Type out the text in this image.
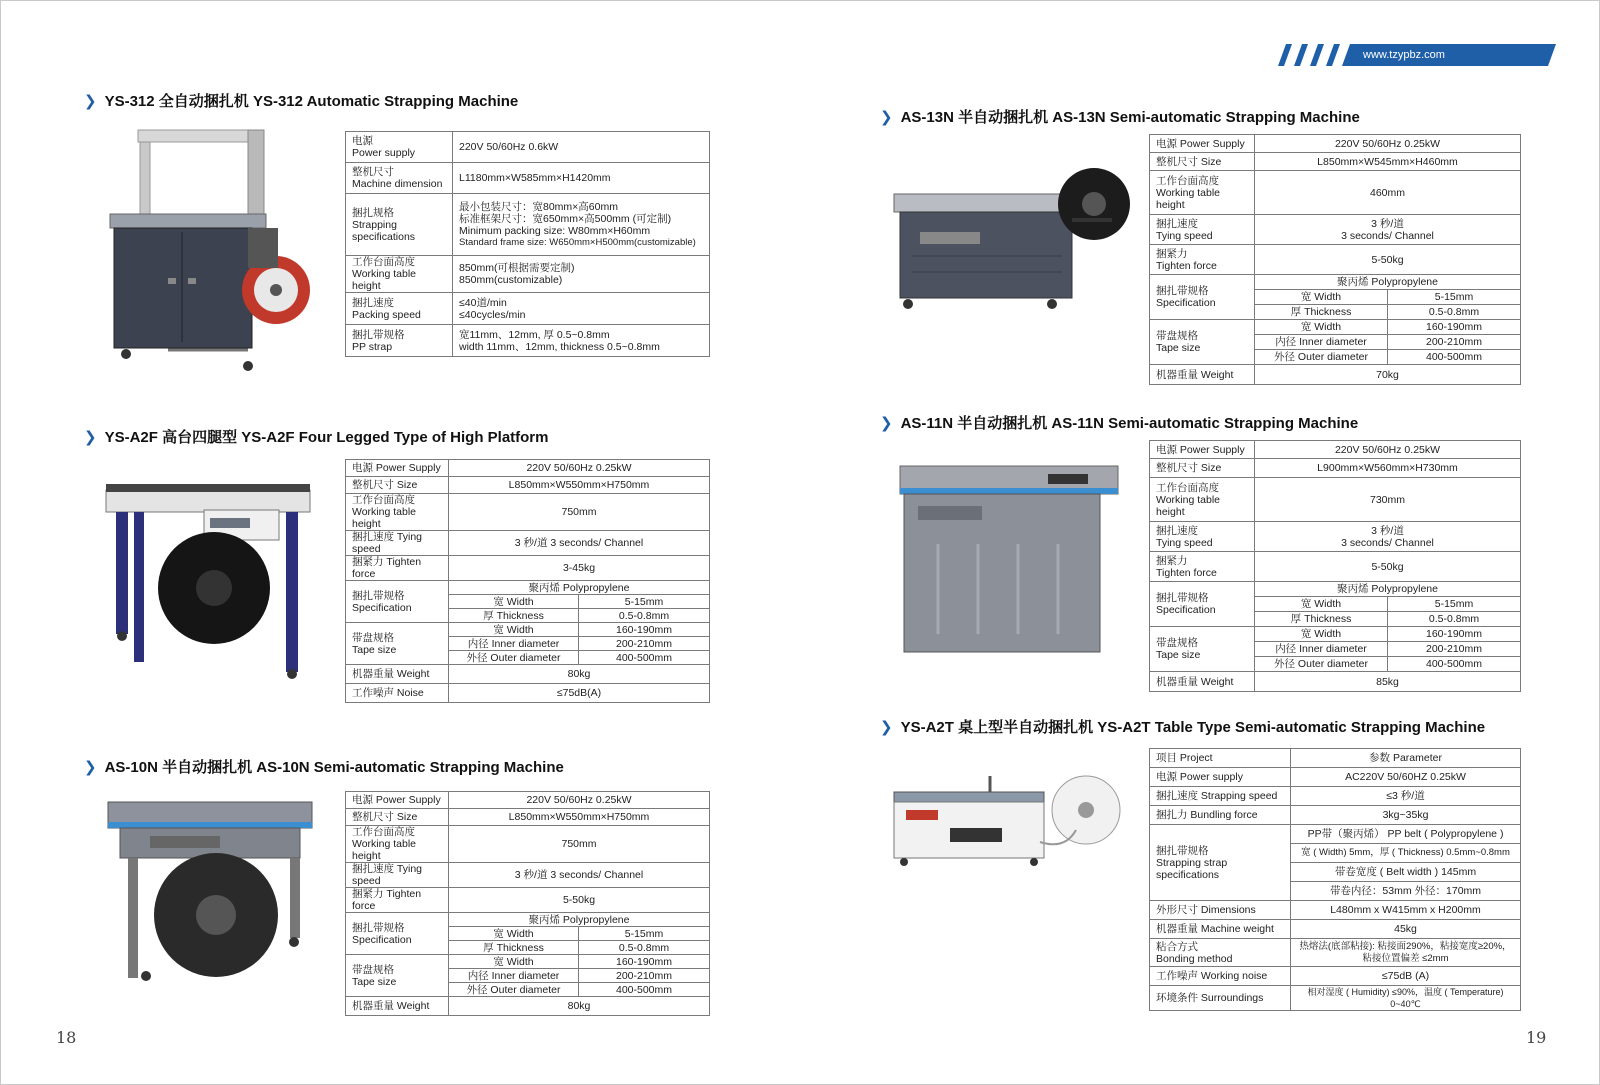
www.tzypbz.com
❯ YS-312 全自动捆扎机 YS-312 Automatic Strapping Machine
电源
Power supply	220V 50/60Hz 0.6kW

整机尺寸
Machine dimension	L1180mm×W585mm×H1420mm

捆扎规格
Strapping
specifications	最小包装尺寸：宽80mm×高60mm
标准框架尺寸：宽650mm×高500mm (可定制)
Minimum packing size: W80mm×H60mm
Standard frame size: W650mm×H500mm(customizable)

工作台面高度
Working table height	850mm(可根据需要定制)
850mm(customizable)

捆扎速度
Packing speed	≤40道/min
≤40cycles/min

捆扎带规格
PP strap	宽11mm、12mm, 厚 0.5~0.8mm
width 11mm、12mm, thickness 0.5~0.8mm
❯ YS-A2F 高台四腿型 YS-A2F Four Legged Type of High Platform
电源 Power Supply	220V 50/60Hz 0.25kW	
整机尺寸 Size	L850mm×W550mm×H750mm	

工作台面高度
Working table height	750mm	
捆扎速度 Tying speed	3 秒/道 3 seconds/ Channel	
捆紧力 Tighten force	3-45kg	

捆扎带规格
Specification	聚丙烯 Polypropylene	
	宽 Width	5-15mm
	厚 Thickness	0.5-0.8mm

带盘规格
Tape size	宽 Width	160-190mm
	内径 Inner diameter	200-210mm
	外径 Outer diameter	400-500mm
机器重量 Weight	80kg	
工作噪声 Noise	≤75dB(A)	
❯ AS-10N 半自动捆扎机 AS-10N Semi-automatic Strapping Machine
电源 Power Supply	220V 50/60Hz 0.25kW	
整机尺寸 Size	L850mm×W550mm×H750mm	

工作台面高度
Working table height	750mm	
捆扎速度 Tying speed	3 秒/道 3 seconds/ Channel	
捆紧力 Tighten force	5-50kg	

捆扎带规格
Specification	聚丙烯 Polypropylene	
	宽 Width	5-15mm
	厚 Thickness	0.5-0.8mm

带盘规格
Tape size	宽 Width	160-190mm
	内径 Inner diameter	200-210mm
	外径 Outer diameter	400-500mm
机器重量 Weight	80kg	
18
❯ AS-13N 半自动捆扎机 AS-13N Semi-automatic Strapping Machine
电源 Power Supply	220V 50/60Hz 0.25kW	
整机尺寸 Size	L850mm×W545mm×H460mm	

工作台面高度
Working table
height	460mm	

捆扎速度
Tying speed	3 秒/道
3 seconds/ Channel	

捆紧力
Tighten force	5-50kg	

捆扎带规格
Specification	聚丙烯 Polypropylene	
	宽 Width	5-15mm
	厚 Thickness	0.5-0.8mm

带盘规格
Tape size	宽 Width	160-190mm
	内径 Inner diameter	200-210mm
	外径 Outer diameter	400-500mm
机器重量 Weight	70kg	
❯ AS-11N 半自动捆扎机 AS-11N Semi-automatic Strapping Machine
电源 Power Supply	220V 50/60Hz 0.25kW	
整机尺寸 Size	L900mm×W560mm×H730mm	

工作台面高度
Working table
height	730mm	

捆扎速度
Tying speed	3 秒/道
3 seconds/ Channel	

捆紧力
Tighten force	5-50kg	

捆扎带规格
Specification	聚丙烯 Polypropylene	
	宽 Width	5-15mm
	厚 Thickness	0.5-0.8mm

带盘规格
Tape size	宽 Width	160-190mm
	内径 Inner diameter	200-210mm
	外径 Outer diameter	400-500mm
机器重量 Weight	85kg	
❯ YS-A2T 桌上型半自动捆扎机 YS-A2T Table Type Semi-automatic Strapping Machine
项目 Project	参数 Parameter
电源 Power supply	AC220V 50/60HZ 0.25kW
捆扎速度 Strapping speed	≤3 秒/道
捆扎力 Bundling force	3kg~35kg

捆扎带规格
Strapping strap
specifications	PP带（聚丙烯） PP belt ( Polypropylene )
	宽 ( Width) 5mm，厚 ( Thickness) 0.5mm~0.8mm
	带卷宽度 ( Belt width ) 145mm
	带卷内径：53mm 外径：170mm
外形尺寸 Dimensions	L480mm x W415mm x H200mm
机器重量 Machine weight	45kg

粘合方式
Bonding method	热熔法(底部粘接): 粘接面290%，粘接宽度≥20%，
粘接位置偏差 ≤2mm

工作噪声 Working noise	≤75dB (A)
环境条件 Surroundings	相对湿度 ( Humidity) ≤90%，温度 ( Temperature) 0~40℃
19
